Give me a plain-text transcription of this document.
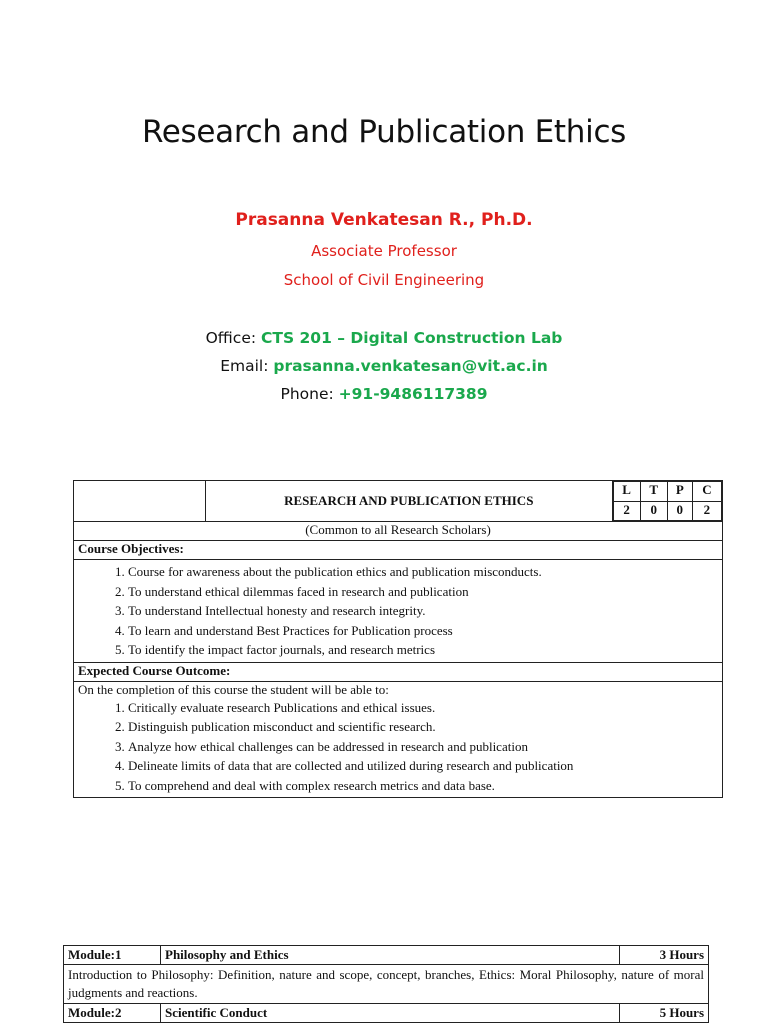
Research and Publication Ethics
Prasanna Venkatesan R., Ph.D.
Associate Professor
School of Civil Engineering
Office: CTS 201 – Digital Construction Lab
Email: prasanna.venkatesan@vit.ac.in
Phone: +91-9486117389
	RESEARCH AND PUBLICATION ETHICS	
L	T	P	C
2	0	0	2

(Common to all Research Scholars)
Course Objectives:

1. Course for awareness about the publication ethics and publication misconducts.
2. To understand ethical dilemmas faced in research and publication
3. To understand Intellectual honesty and research integrity.
4. To learn and understand Best Practices for Publication process
5. To identify the impact factor journals, and research metrics

Expected Course Outcome:

On the completion of this course the student will be able to:
1. Critically evaluate research Publications and ethical issues.
2. Distinguish publication misconduct and scientific research.
3. Analyze how ethical challenges can be addressed in research and publication
4. Delineate limits of data that are collected and utilized during research and publication
5. To comprehend and deal with complex research metrics and data base.
Module:1	Philosophy and Ethics	3 Hours
Introduction to Philosophy: Definition, nature and scope, concept, branches, Ethics: Moral Philosophy, nature of moral judgments and reactions.		
Module:2	Scientific Conduct	5 Hours
